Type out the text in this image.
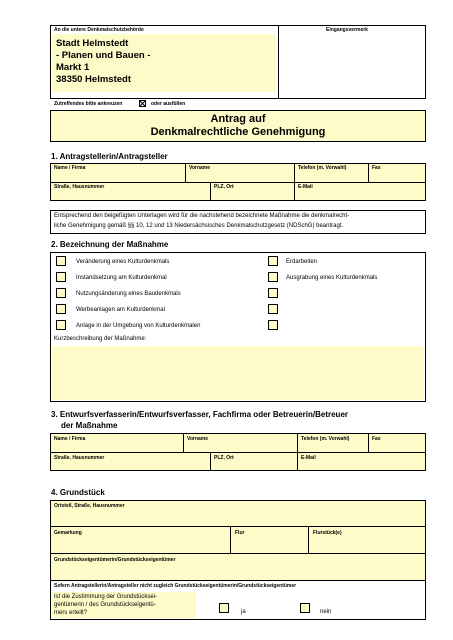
An die untere Denkmalschutzbehörde	Eingangsvermerk
Stadt Helmstedt
- Planen und Bauen -
Markt 1
38350 Helmstedt
Zutreffendes bitte ankreuzen	oder ausfüllen
Antrag auf
Denkmalrechtliche Genehmigung
1. Antragstellerin/Antragsteller
Name / Firma	Vorname	Telefon (m. Vorwahl)	Fax
Straße, Hausnummer	PLZ, Ort	E-Mail
Entsprechend den beigefügten Unterlagen wird für die nachstehend bezeichnete Maßnahme die denkmalrecht-
liche Genehmigung gemäß §§ 10, 12 und 13 Niedersächsisches Denkmalschutzgesetz (NDSchG) beantragt.
2. Bezeichnung der Maßnahme
Veränderung eines Kulturdenkmals
Instandsetzung am Kulturdenkmal
Nutzungsänderung eines Baudenkmals
Werbeanlagen am Kulturdenkmal
Anlage in der Umgebung von Kulturdenkmalen
Erdarbeiten
Ausgrabung eines Kulturdenkmals
Kurzbeschreibung der Maßnahme:
3. Entwurfsverfasserin/Entwurfsverfasser, Fachfirma oder Betreuerin/Betreuer
der Maßnahme
Name / Firma	Vorname	Telefon (m. Vorwahl)	Fax
Straße, Hausnummer	PLZ, Ort	E-Mail
4. Grundstück
Ortsteil, Straße, Hausnummer
Gemarkung	Flur	Flurstück(e)
Grundstückseigentümerin/Grundstückseigentümer
Sofern Antragstellerin/Antragsteller nicht zugleich Grundstückseigentümerin/Grundstückseigentümer
Ist die Zustimmung der Grundstücksei-
gentümerin / des Grundstückseigentü-
mers erteilt?	ja	nein
